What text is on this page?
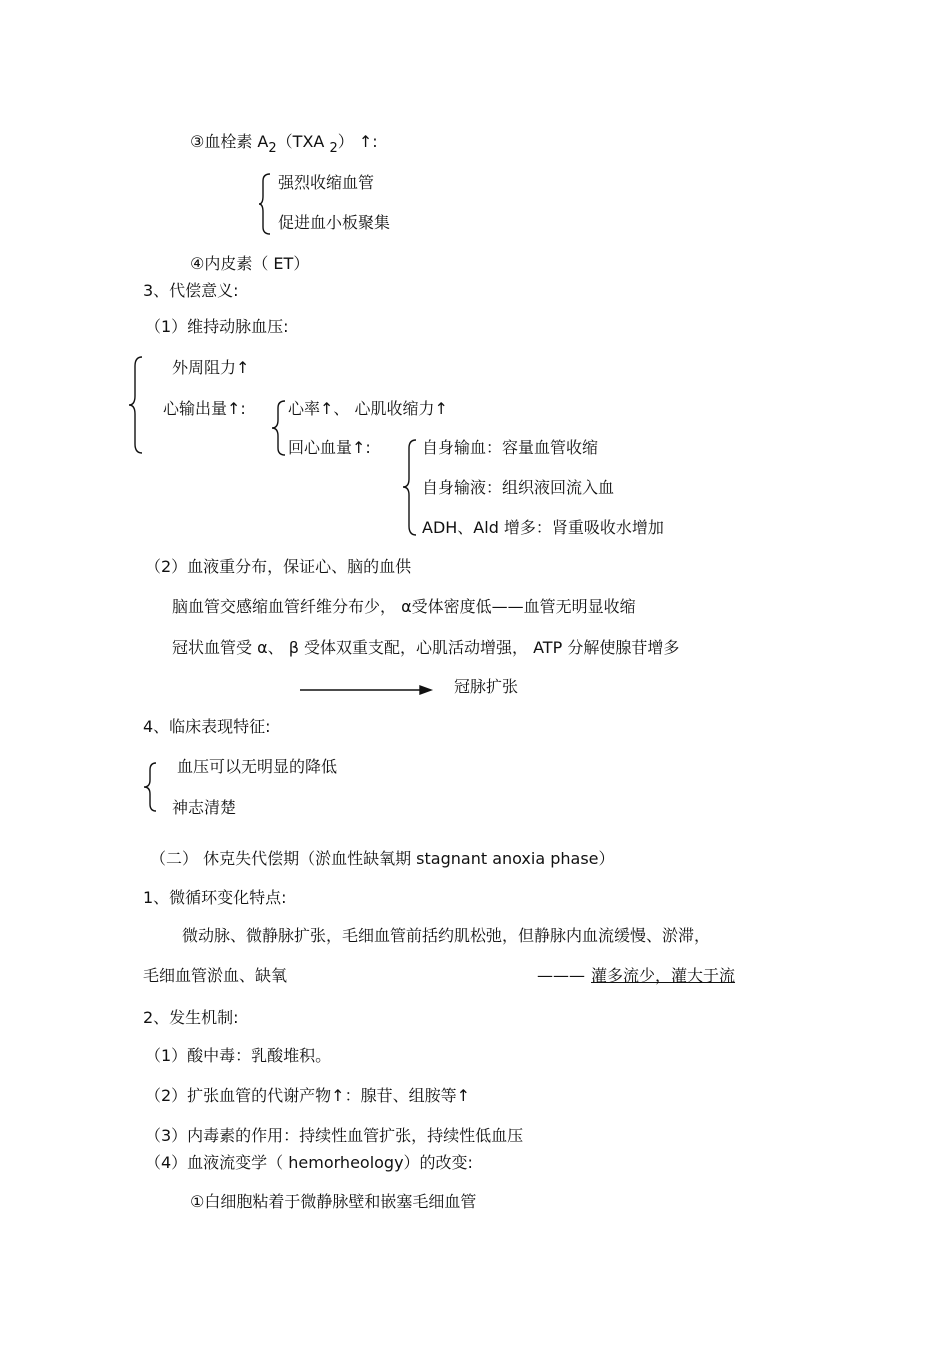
③血栓素 $A_2(TXA$ $_2$） ↑:
强烈收缩血管
促进血小板聚集
④内皮素（ ET）
3、代偿意义:
（1）维持动脉血压:
外周阻力↑
心输出量↑:	心率↑、 心肌收缩力↑
回心血量↑:	自身输血：容量血管收缩
自身输液：组织液回流入血
ADH、Ald 增多：肾重吸收水增加
（2）血液重分布，保证心、脑的血供
脑血管交感缩血管纤维分布少， α受体密度低——血管无明显收缩
冠状血管受 α、 β 受体双重支配，心肌活动增强， ATP 分解使腺苷增多
冠脉扩张
4、临床表现特征:
血压可以无明显的降低
神志清楚
（二） 休克失代偿期（淤血性缺氧期 stagnant anoxia phase）
1、微循环变化特点:
微动脉、微静脉扩张，毛细血管前括约肌松弛，但静脉内血流缓慢、淤滞，
毛细血管淤血、缺氧	——— 灌多流少，灌大于流
2、发生机制:
（1）酸中毒：乳酸堆积。
（2）扩张血管的代谢产物↑：腺苷、组胺等↑
（3）内毒素的作用：持续性血管扩张，持续性低血压
（4）血液流变学（ hemorheology）的改变:
①白细胞粘着于微静脉壁和嵌塞毛细血管
